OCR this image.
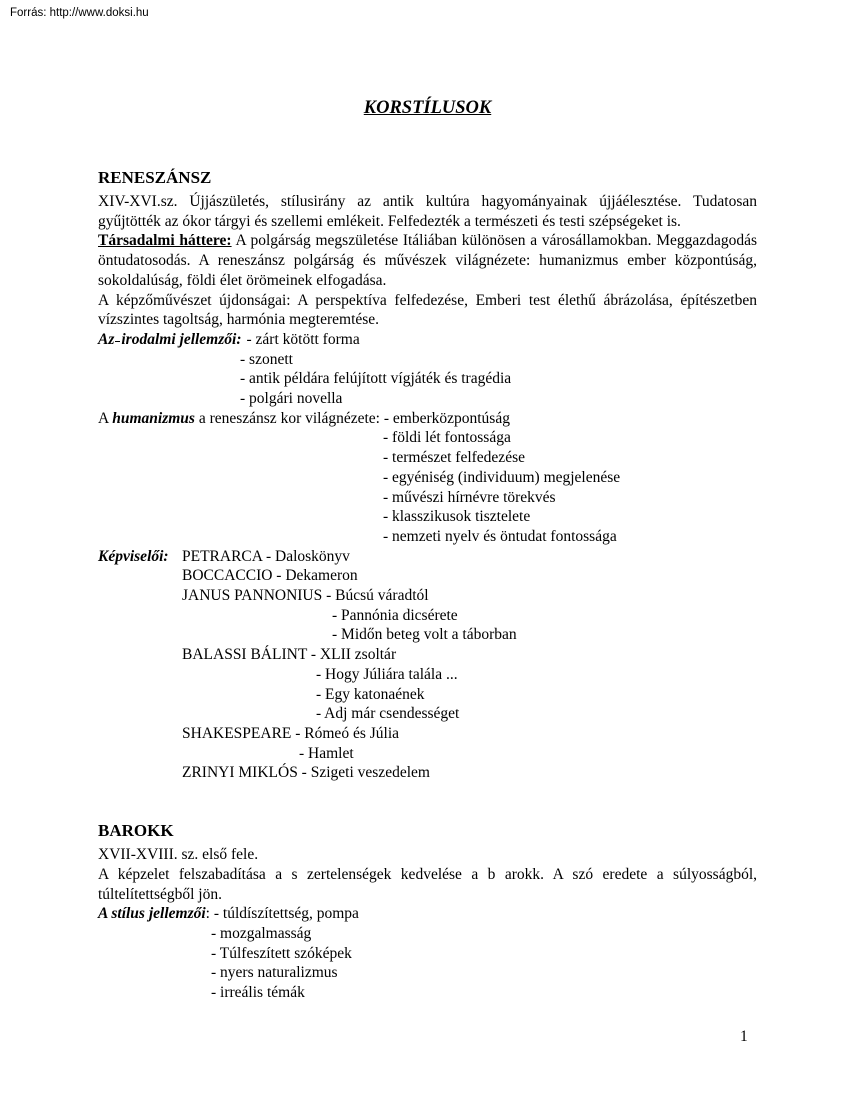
Forrás: http://www.doksi.hu
KORSTÍLUSOK
RENESZÁNSZ

XIV-XVI.sz. Újjászületés, stílusirány az antik kultúra hagyományainak újjáélesztése. Tudatosan gyűjtötték az ókor tárgyi és szellemi emlékeit. Felfedezték a természeti és testi szépségeket is.

Társadalmi háttere: A polgárság megszületése Itáliában különösen a városállamokban. Meggazdagodás öntudatosodás. A reneszánsz polgárság és művészek világnézete: humanizmus ember központúság, sokoldalúság, földi élet örömeinek elfogadása.

A képzőművészet újdonságai: A perspektíva felfedezése, Emberi test élethű ábrázolása, építészetben vízszintes tagoltság, harmónia megteremtése.

Az irodalmi jellemzői: - zárt kötött forma
- szonett
- antik példára felújított vígjáték és tragédia
- polgári novella
A humanizmus a reneszánsz kor világnézete: - emberközpontúság
- földi lét fontossága
- természet felfedezése
- egyéniség (individuum) megjelenése
- művészi hírnévre törekvés
- klasszikusok tisztelete
- nemzeti nyelv és öntudat fontossága
Képviselői: PETRARCA - Daloskönyv
BOCCACCIO - Dekameron
JANUS PANNONIUS - Búcsú váradtól
- Pannónia dicsérete
- Midőn beteg volt a táborban
BALASSI BÁLINT - XLII zsoltár
- Hogy Júliára talála ...
- Egy katonaének
- Adj már csendességet
SHAKESPEARE - Rómeó és Júlia
- Hamlet
ZRINYI MIKLÓS - Szigeti veszedelem
BAROKK
XVII-XVIII. sz. első fele.

A képzelet felszabadítása a s zertelenségek kedvelése a b arokk. A szó eredete a súlyosságból, túltelítettségből jön.

A stílus jellemzői: - túldíszítettség, pompa
- mozgalmasság
- Túlfeszített szóképek
- nyers naturalizmus
- irreális témák
1
